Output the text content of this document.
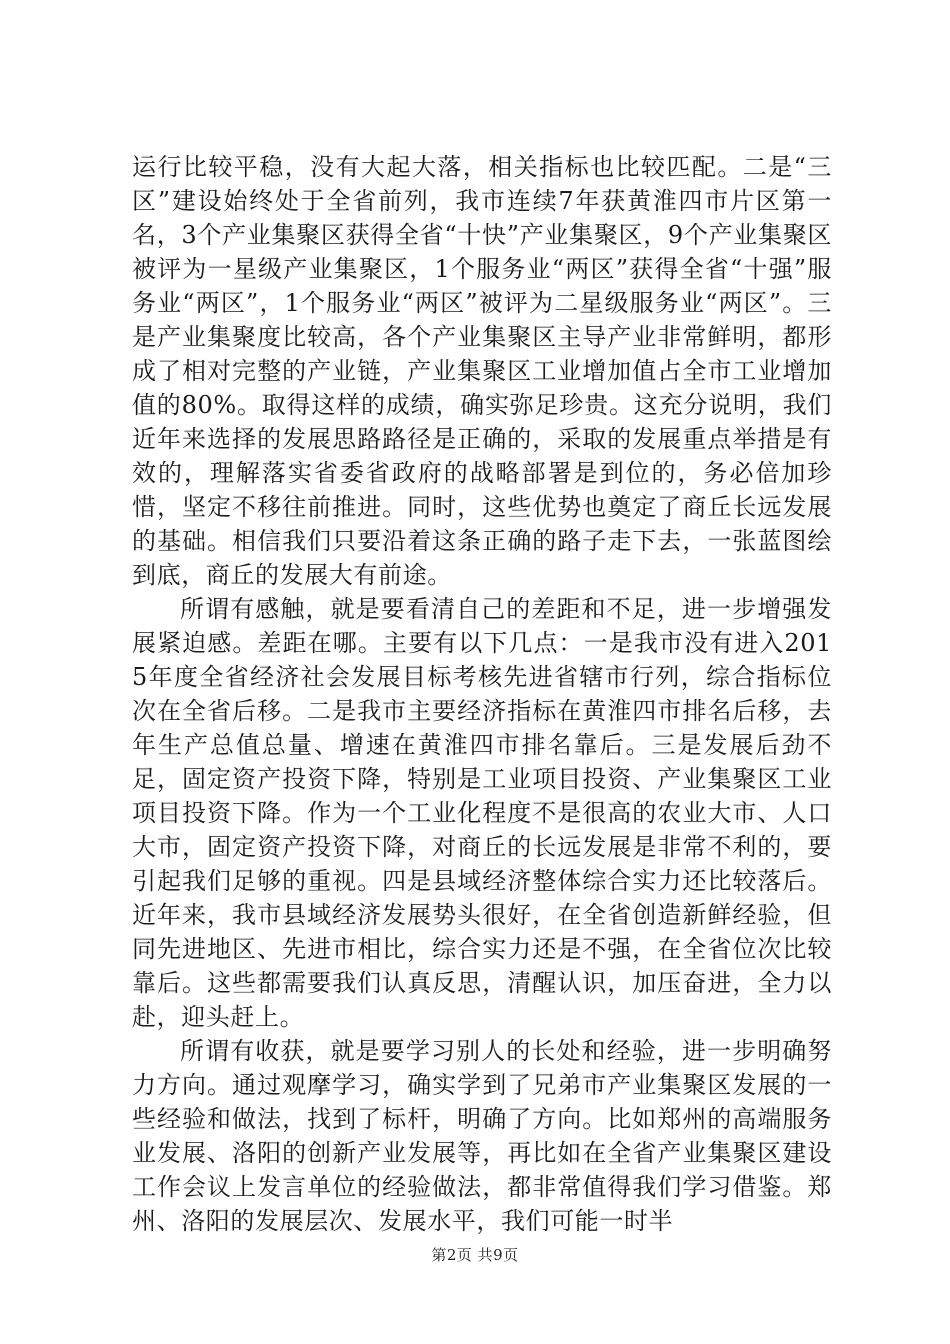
运行比较平稳，没有大起大落，相关指标也比较匹配。二是“三区”建设始终处于全省前列，我市连续7年获黄淮四市片区第一名，3个产业集聚区获得全省“十快”产业集聚区，9个产业集聚区被评为一星级产业集聚区，1个服务业“两区”获得全省“十强”服务业“两区”，1个服务业“两区”被评为二星级服务业“两区”。三是产业集聚度比较高，各个产业集聚区主导产业非常鲜明，都形成了相对完整的产业链，产业集聚区工业增加值占全市工业增加值的80%。取得这样的成绩，确实弥足珍贵。这充分说明，我们近年来选择的发展思路路径是正确的，采取的发展重点举措是有效的，理解落实省委省政府的战略部署是到位的，务必倍加珍惜，坚定不移往前推进。同时，这些优势也奠定了商丘长远发展的基础。相信我们只要沿着这条正确的路子走下去，一张蓝图绘到底，商丘的发展大有前途。

所谓有感触，就是要看清自己的差距和不足，进一步增强发展紧迫感。差距在哪。主要有以下几点：一是我市没有进入2015年度全省经济社会发展目标考核先进省辖市行列，综合指标位次在全省后移。二是我市主要经济指标在黄淮四市排名后移，去年生产总值总量、增速在黄淮四市排名靠后。三是发展后劲不足，固定资产投资下降，特别是工业项目投资、产业集聚区工业项目投资下降。作为一个工业化程度不是很高的农业大市、人口大市，固定资产投资下降，对商丘的长远发展是非常不利的，要引起我们足够的重视。四是县域经济整体综合实力还比较落后。近年来，我市县域经济发展势头很好，在全省创造新鲜经验，但同先进地区、先进市相比，综合实力还是不强，在全省位次比较靠后。这些都需要我们认真反思，清醒认识，加压奋进，全力以赴，迎头赶上。

所谓有收获，就是要学习别人的长处和经验，进一步明确努力方向。通过观摩学习，确实学到了兄弟市产业集聚区发展的一些经验和做法，找到了标杆，明确了方向。比如郑州的高端服务业发展、洛阳的创新产业发展等，再比如在全省产业集聚区建设工作会议上发言单位的经验做法，都非常值得我们学习借鉴。郑州、洛阳的发展层次、发展水平，我们可能一时半

第2页 共9页
